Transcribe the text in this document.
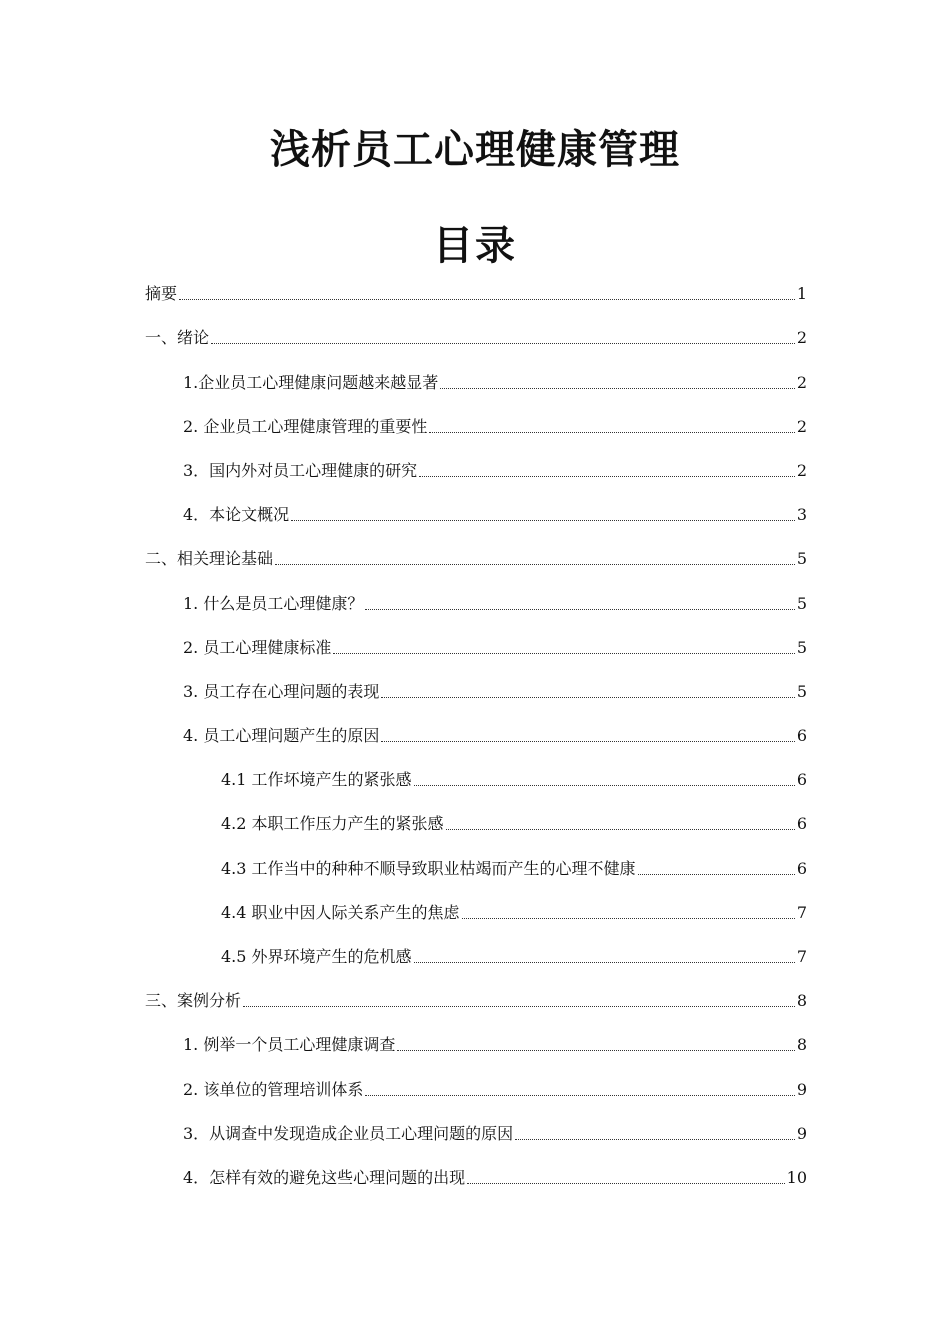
浅析员工心理健康管理
目录
摘要	1
一、绪论	2
1.企业员工心理健康问题越来越显著	2
2. 企业员工心理健康管理的重要性	2
3．国内外对员工心理健康的研究	2
4．本论文概况	3
二、相关理论基础	5
1. 什么是员工心理健康？	5
2. 员工心理健康标准	5
3. 员工存在心理问题的表现	5
4. 员工心理问题产生的原因	6
4.1 工作坏境产生的紧张感	6
4.2 本职工作压力产生的紧张感	6
4.3 工作当中的种种不顺导致职业枯竭而产生的心理不健康	6
4.4 职业中因人际关系产生的焦虑	7
4.5 外界环境产生的危机感	7
三、案例分析	8
1. 例举一个员工心理健康调查	8
2. 该单位的管理培训体系	9
3．从调查中发现造成企业员工心理问题的原因	9
4．怎样有效的避免这些心理问题的出现	10
